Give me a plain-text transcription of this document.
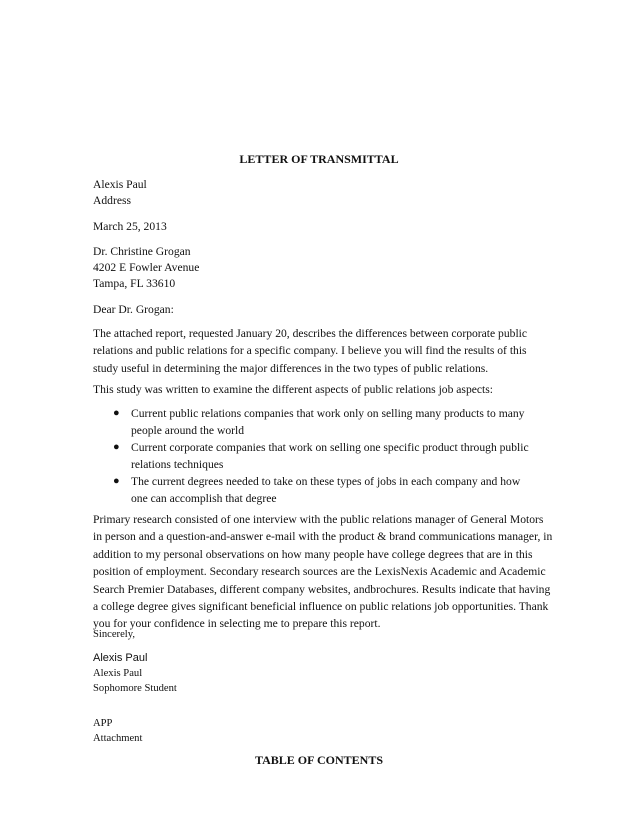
LETTER OF TRANSMITTAL
Alexis Paul
Address
March 25, 2013
Dr. Christine Grogan
4202 E Fowler Avenue
Tampa, FL 33610
Dear Dr. Grogan:
The attached report, requested January 20, describes the differences between corporate public relations and public relations for a specific company. I believe you will find the results of this study useful in determining the major differences in the two types of public relations.
This study was written to examine the different aspects of public relations job aspects:
● Current public relations companies that work only on selling many products to many people around the world
● Current corporate companies that work on selling one specific product through public relations techniques
● The current degrees needed to take on these types of jobs in each company and how one can accomplish that degree
Primary research consisted of one interview with the public relations manager of General Motors in person and a question-and-answer e-mail with the product & brand communications manager, in addition to my personal observations on how many people have college degrees that are in this position of employment. Secondary research sources are the LexisNexis Academic and Academic Search Premier Databases, different company websites, andbrochures. Results indicate that having a college degree gives significant beneficial influence on public relations job opportunities. Thank you for your confidence in selecting me to prepare this report.
Sincerely,
Alexis Paul
Alexis Paul
Sophomore Student
APP
Attachment
TABLE OF CONTENTS
